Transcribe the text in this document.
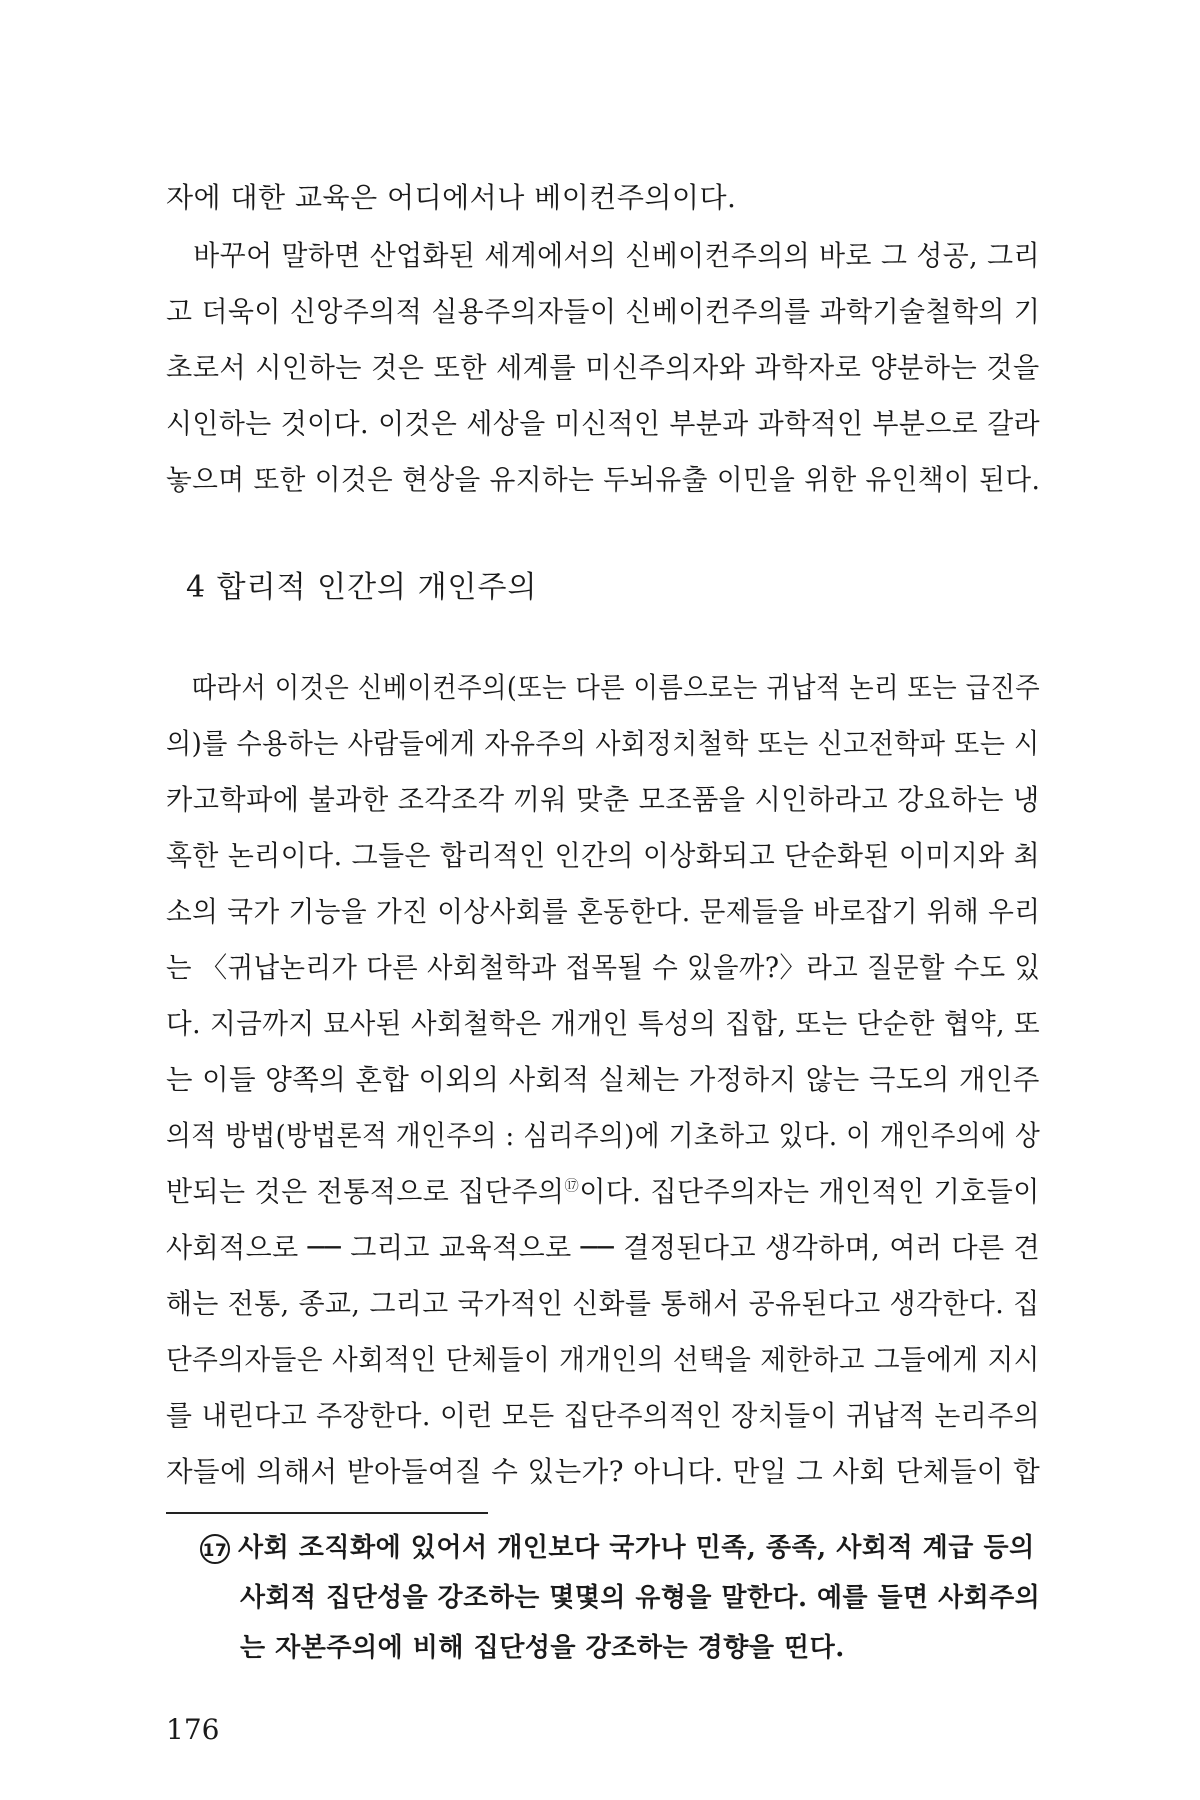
자에 대한 교육은 어디에서나 베이컨주의이다.
　바꾸어 말하면 산업화된 세계에서의 신베이컨주의의 바로 그 성공, 그리
고 더욱이 신앙주의적 실용주의자들이 신베이컨주의를 과학기술철학의 기
초로서 시인하는 것은 또한 세계를 미신주의자와 과학자로 양분하는 것을
시인하는 것이다. 이것은 세상을 미신적인 부분과 과학적인 부분으로 갈라
놓으며 또한 이것은 현상을 유지하는 두뇌유출 이민을 위한 유인책이 된다.
4 합리적 인간의 개인주의
　따라서 이것은 신베이컨주의(또는 다른 이름으로는 귀납적 논리 또는 급진주
의)를 수용하는 사람들에게 자유주의 사회정치철학 또는 신고전학파 또는 시
카고학파에 불과한 조각조각 끼워 맞춘 모조품을 시인하라고 강요하는 냉
혹한 논리이다. 그들은 합리적인 인간의 이상화되고 단순화된 이미지와 최
소의 국가 기능을 가진 이상사회를 혼동한다. 문제들을 바로잡기 위해 우리
는 〈귀납논리가 다른 사회철학과 접목될 수 있을까?〉라고 질문할 수도 있
다. 지금까지 묘사된 사회철학은 개개인 특성의 집합, 또는 단순한 협약, 또
는 이들 양쪽의 혼합 이외의 사회적 실체는 가정하지 않는 극도의 개인주
의적 방법(방법론적 개인주의 : 심리주의)에 기초하고 있다. 이 개인주의에 상
반되는 것은 전통적으로 집단주의⑰이다. 집단주의자는 개인적인 기호들이
사회적으로 ── 그리고 교육적으로 ── 결정된다고 생각하며, 여러 다른 견
해는 전통, 종교, 그리고 국가적인 신화를 통해서 공유된다고 생각한다. 집
단주의자들은 사회적인 단체들이 개개인의 선택을 제한하고 그들에게 지시
를 내린다고 주장한다. 이런 모든 집단주의적인 장치들이 귀납적 논리주의
자들에 의해서 받아들여질 수 있는가? 아니다. 만일 그 사회 단체들이 합
17 사회 조직화에 있어서 개인보다 국가나 민족, 종족, 사회적 계급 등의
사회적 집단성을 강조하는 몇몇의 유형을 말한다. 예를 들면 사회주의
는 자본주의에 비해 집단성을 강조하는 경향을 띤다.
176
